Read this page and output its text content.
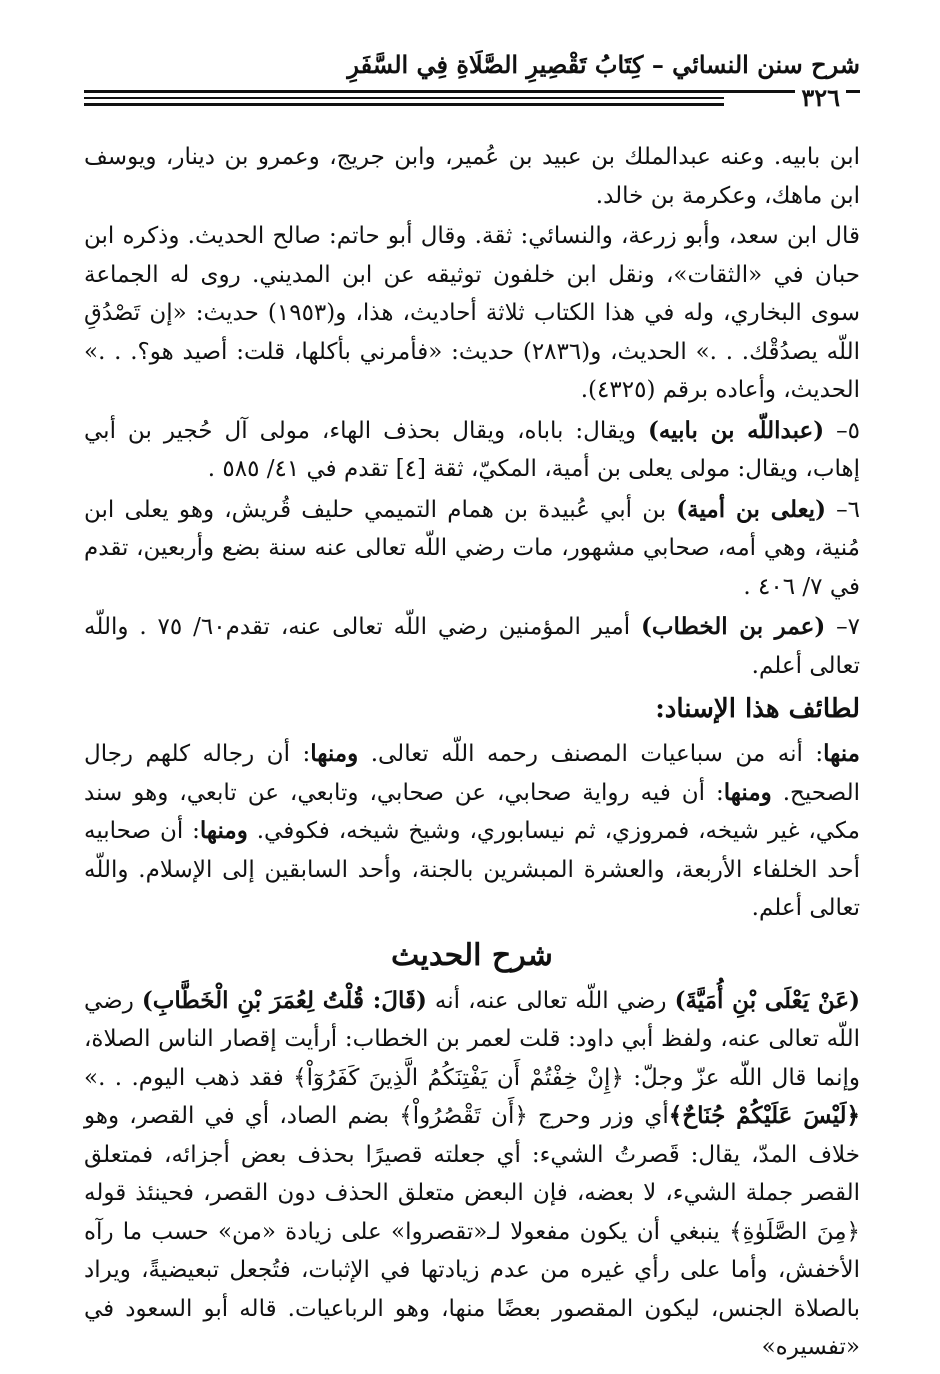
شرح سنن النسائي – كِتَابُ تَقْصِيرِ الصَّلَاةِ فِي السَّفَرِ
٣٢٦

ابن بابيه. وعنه عبدالملك بن عبيد بن عُمير، وابن جريج، وعمرو بن دينار، ويوسف ابن ماهك، وعكرمة بن خالد.

قال ابن سعد، وأبو زرعة، والنسائي: ثقة. وقال أبو حاتم: صالح الحديث. وذكره ابن حبان في «الثقات»، ونقل ابن خلفون توثيقه عن ابن المديني. روى له الجماعة سوى البخاري، وله في هذا الكتاب ثلاثة أحاديث، هذا، و(١٩٥٣) حديث: «إن تَصْدُقِ اللّه يصدُقْك. . .» الحديث، و(٢٨٣٦) حديث: «فأمرني بأكلها، قلت: أصيد هو؟. . .» الحديث، وأعاده برقم (٤٣٢٥).

٥– (عبداللّه بن بابيه) ويقال: باباه، ويقال بحذف الهاء، مولى آل حُجير بن أبي إهاب، ويقال: مولى يعلى بن أمية، المكيّ، ثقة [٤] تقدم في ٤١/ ٥٨٥ .

٦– (يعلى بن أمية) بن أبي عُبيدة بن همام التميمي حليف قُريش، وهو يعلى ابن مُنية، وهي أمه، صحابي مشهور، مات رضي اللّه تعالى عنه سنة بضع وأربعين، تقدم في ٧/ ٤٠٦ .

٧– (عمر بن الخطاب) أمير المؤمنين رضي اللّه تعالى عنه، تقدم٦٠/ ٧٥ . واللّه تعالى أعلم.

لطائف هذا الإسناد:

منها: أنه من سباعيات المصنف رحمه اللّه تعالى. ومنها: أن رجاله كلهم رجال الصحيح. ومنها: أن فيه رواية صحابي، عن صحابي، وتابعي، عن تابعي، وهو سند مكي، غير شيخه، فمروزي، ثم نيسابوري، وشيخ شيخه، فكوفي. ومنها: أن صحابيه أحد الخلفاء الأربعة، والعشرة المبشرين بالجنة، وأحد السابقين إلى الإسلام. واللّه تعالى أعلم.

شرح الحديث

(عَنْ يَعْلَى بْنِ أُمَيَّةَ) رضي اللّه تعالى عنه، أنه (قَالَ: قُلْتُ لِعُمَرَ بْنِ الْخَطَّابِ) رضي اللّه تعالى عنه، ولفظ أبي داود: قلت لعمر بن الخطاب: أرأيت إقصار الناس الصلاة، وإنما قال اللّه عزّ وجلّ: ﴿إِنْ خِفْتُمْ أَن يَفْتِنَكُمُ الَّذِينَ كَفَرُوٓاْ﴾ فقد ذهب اليوم. . .» ﴿لَيْسَ عَلَيْكُمْ جُنَاحٌ﴾أي وزر وحرج ﴿أَن تَقْصُرُواْ﴾ بضم الصاد، أي في القصر، وهو خلاف المدّ، يقال: قَصرتُ الشيء: أي جعلته قصيرًا بحذف بعض أجزائه، فمتعلق القصر جملة الشيء، لا بعضه، فإن البعض متعلق الحذف دون القصر، فحينئذ قوله ﴿مِنَ الصَّلَوٰةِ﴾ ينبغي أن يكون مفعولا لـ«تقصروا» على زيادة «من» حسب ما رآه الأخفش، وأما على رأي غيره من عدم زيادتها في الإثبات، فتُجعل تبعيضيةً، ويراد بالصلاة الجنس، ليكون المقصور بعضًا منها، وهو الرباعيات. قاله أبو السعود في «تفسيره»
